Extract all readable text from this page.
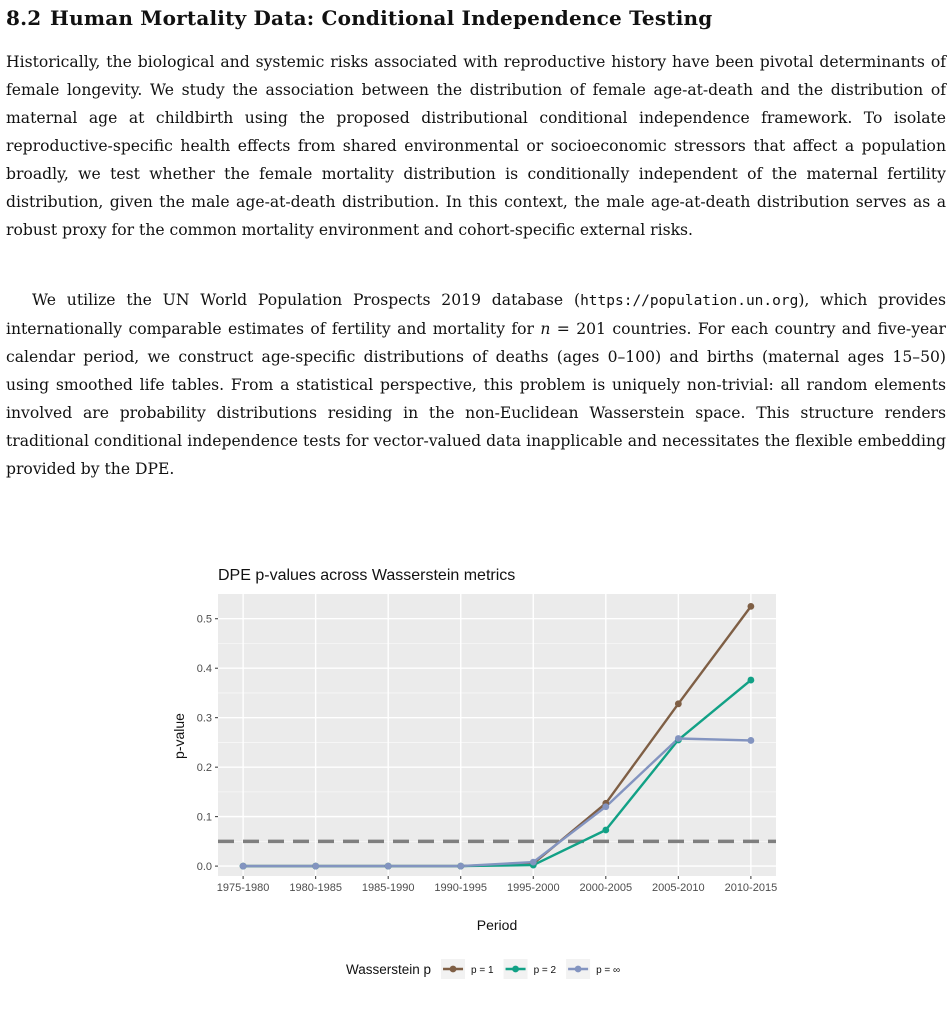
8.2 Human Mortality Data: Conditional Independence Testing
Historically, the biological and systemic risks associated with reproductive history have been pivotal determinants of female longevity. We study the association between the distribution of female age-at-death and the distribution of maternal age at childbirth using the proposed distributional conditional independence framework. To isolate reproductive-specific health effects from shared environmental or socioeconomic stressors that affect a population broadly, we test whether the female mortality distribution is conditionally independent of the maternal fertility distribution, given the male age-at-death distribution. In this context, the male age-at-death distribution serves as a robust proxy for the common mortality environment and cohort-specific external risks.
We utilize the UN World Population Prospects 2019 database (https://population.un.org), which provides internationally comparable estimates of fertility and mortality for n = 201 countries. For each country and five-year calendar period, we construct age-specific distributions of deaths (ages 0–100) and births (maternal ages 15–50) using smoothed life tables. From a statistical perspective, this problem is uniquely non-trivial: all random elements involved are probability distributions residing in the non-Euclidean Wasserstein space. This structure renders traditional conditional independence tests for vector-valued data inapplicable and necessitates the flexible embedding provided by the DPE.
DPE p-values across Wasserstein metrics
0.0
0.1
0.2
0.3
0.4
0.5
1975-1980 1980-1985 1985-1990 1990-1995 1995-2000 2000-2005 2005-2010 2010-2015
Period
p-value
Wasserstein p	p = 1	p = 2	p = ∞
